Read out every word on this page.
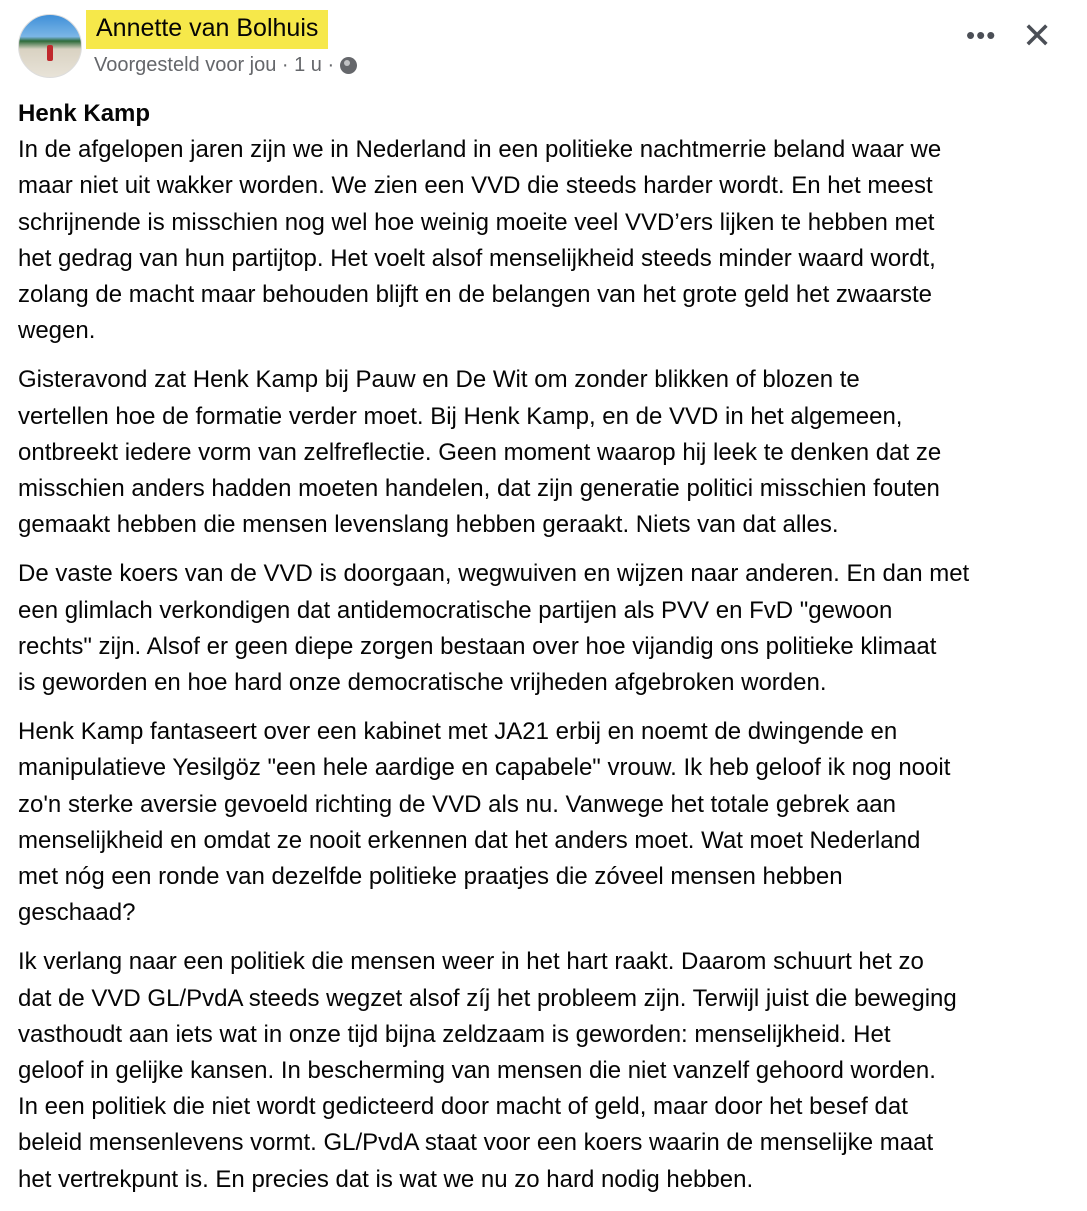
Annette van Bolhuis
Voorgesteld voor jou · 1 u ·
••• ✕
Henk Kamp
In de afgelopen jaren zijn we in Nederland in een politieke nachtmerrie beland waar we
maar niet uit wakker worden. We zien een VVD die steeds harder wordt. En het meest
schrijnende is misschien nog wel hoe weinig moeite veel VVD’ers lijken te hebben met
het gedrag van hun partijtop. Het voelt alsof menselijkheid steeds minder waard wordt,
zolang de macht maar behouden blijft en de belangen van het grote geld het zwaarste
wegen.
Gisteravond zat Henk Kamp bij Pauw en De Wit om zonder blikken of blozen te
vertellen hoe de formatie verder moet. Bij Henk Kamp, en de VVD in het algemeen,
ontbreekt iedere vorm van zelfreflectie. Geen moment waarop hij leek te denken dat ze
misschien anders hadden moeten handelen, dat zijn generatie politici misschien fouten
gemaakt hebben die mensen levenslang hebben geraakt. Niets van dat alles.
De vaste koers van de VVD is doorgaan, wegwuiven en wijzen naar anderen. En dan met
een glimlach verkondigen dat antidemocratische partijen als PVV en FvD "gewoon
rechts" zijn. Alsof er geen diepe zorgen bestaan over hoe vijandig ons politieke klimaat
is geworden en hoe hard onze democratische vrijheden afgebroken worden.
Henk Kamp fantaseert over een kabinet met JA21 erbij en noemt de dwingende en
manipulatieve Yesilgöz "een hele aardige en capabele" vrouw. Ik heb geloof ik nog nooit
zo'n sterke aversie gevoeld richting de VVD als nu. Vanwege het totale gebrek aan
menselijkheid en omdat ze nooit erkennen dat het anders moet. Wat moet Nederland
met nóg een ronde van dezelfde politieke praatjes die zóveel mensen hebben
geschaad?
Ik verlang naar een politiek die mensen weer in het hart raakt. Daarom schuurt het zo
dat de VVD GL/PvdA steeds wegzet alsof zíj het probleem zijn. Terwijl juist die beweging
vasthoudt aan iets wat in onze tijd bijna zeldzaam is geworden: menselijkheid. Het
geloof in gelijke kansen. In bescherming van mensen die niet vanzelf gehoord worden.
In een politiek die niet wordt gedicteerd door macht of geld, maar door het besef dat
beleid mensenlevens vormt. GL/PvdA staat voor een koers waarin de menselijke maat
het vertrekpunt is. En precies dat is wat we nu zo hard nodig hebben.
